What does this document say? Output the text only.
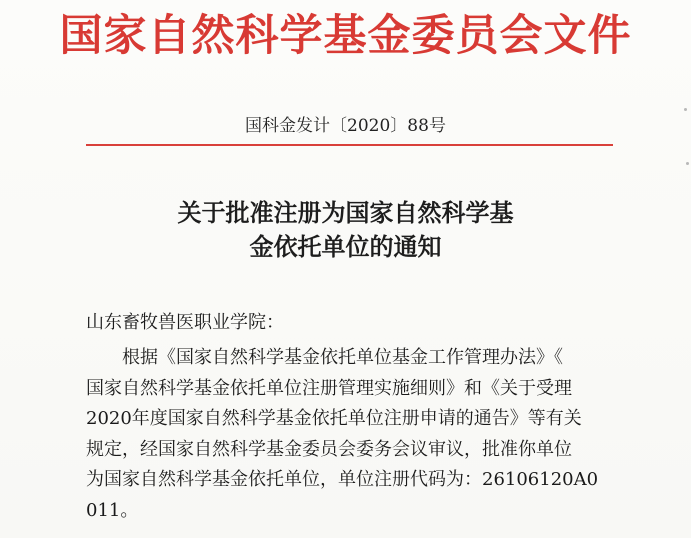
国家自然科学基金委员会文件
国科金发计〔2020〕88号
关于批准注册为国家自然科学基
金依托单位的通知
山东畜牧兽医职业学院：
根据《国家自然科学基金依托单位基金工作管理办法》《
国家自然科学基金依托单位注册管理实施细则》和《关于受理
2020年度国家自然科学基金依托单位注册申请的通告》等有关
规定，经国家自然科学基金委员会委务会议审议，批准你单位
为国家自然科学基金依托单位，单位注册代码为：26106120A0
011。
